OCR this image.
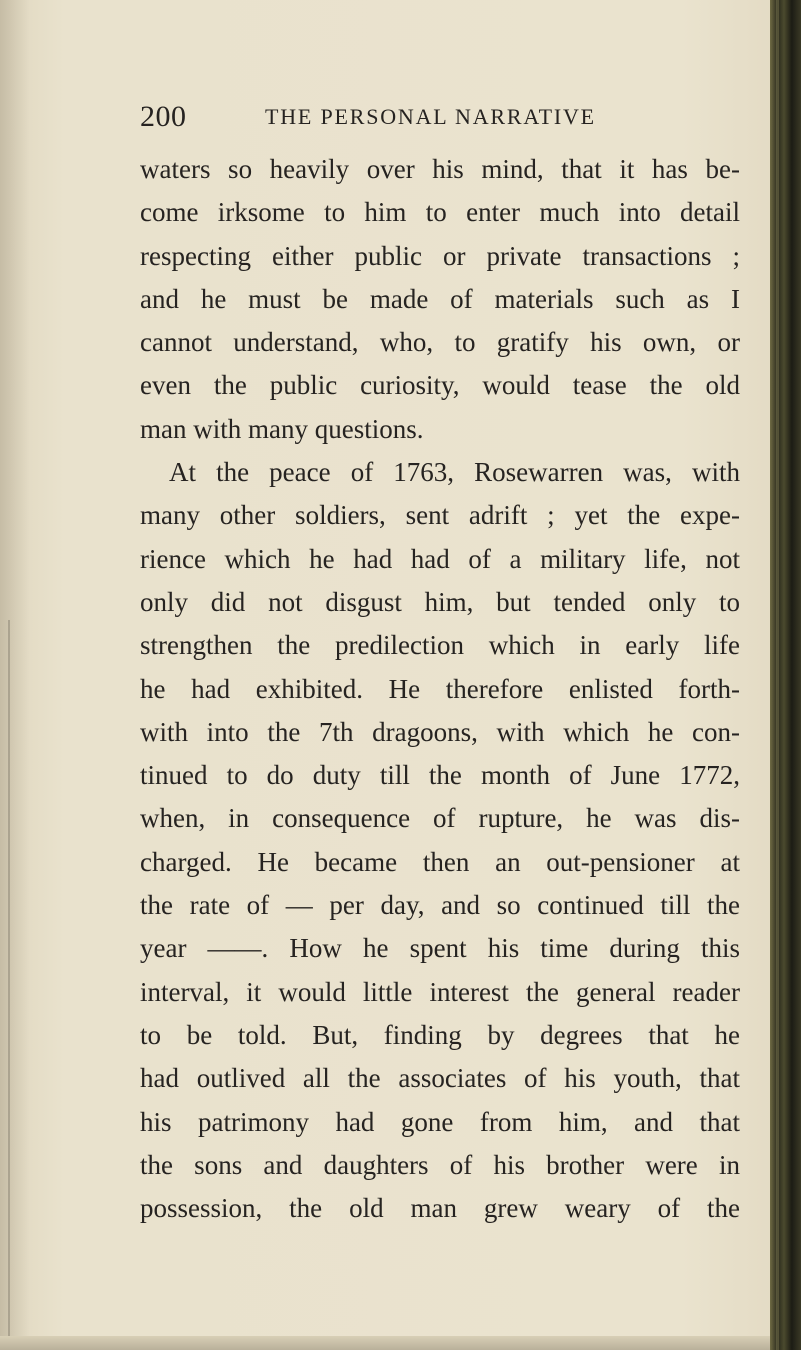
200	THE PERSONAL NARRATIVE
waters so heavily over his mind, that it has be-
come irksome to him to enter much into detail
respecting either public or private transactions ;
and he must be made of materials such as I
cannot understand, who, to gratify his own, or
even the public curiosity, would tease the old
man with many questions.
At the peace of 1763, Rosewarren was, with
many other soldiers, sent adrift ; yet the expe-
rience which he had had of a military life, not
only did not disgust him, but tended only to
strengthen the predilection which in early life
he had exhibited. He therefore enlisted forth-
with into the 7th dragoons, with which he con-
tinued to do duty till the month of June 1772,
when, in consequence of rupture, he was dis-
charged. He became then an out-pensioner at
the rate of — per day, and so continued till the
year ——. How he spent his time during this
interval, it would little interest the general reader
to be told. But, finding by degrees that he
had outlived all the associates of his youth, that
his patrimony had gone from him, and that
the sons and daughters of his brother were in
possession, the old man grew weary of the
